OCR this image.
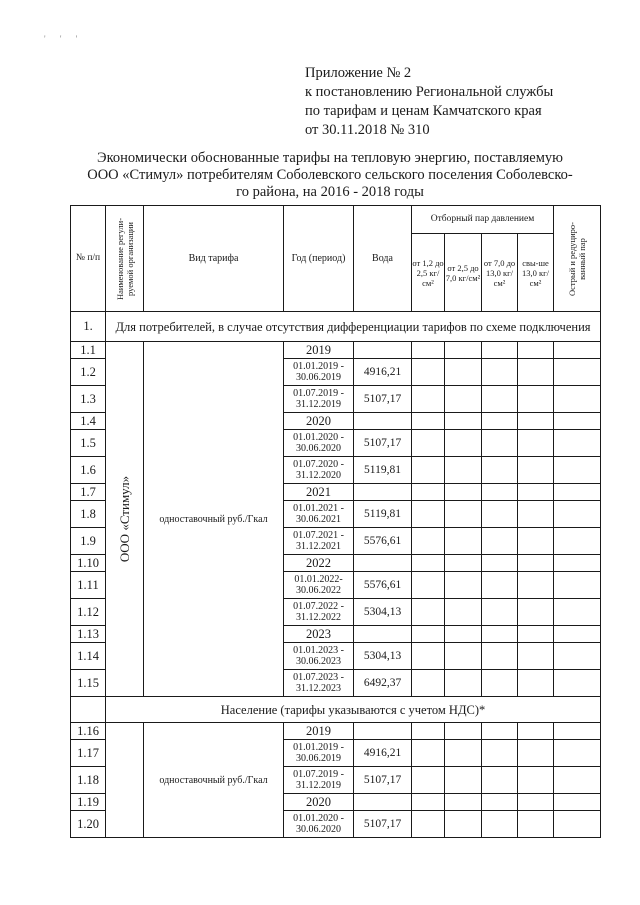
' ' '
Приложение № 2
к постановлению Региональной службы
по тарифам и ценам Камчатского края
от 30.11.2018 № 310
Экономически обоснованные тарифы на тепловую энергию, поставляемую
ООО «Стимул» потребителям Соболевского сельского поселения Соболевско-
го района, на 2016 - 2018 годы
№ п/п	Наименование регули-руемой организации	Вид тарифа	Год (период)	Вода	Отборный пар давлением				Острый и редуциро-ванный пар

					от 1,2 до 2,5 кг/см²	от 2,5 до 7,0 кг/см²	от 7,0 до 13,0 кг/см²	свы-ше 13,0 кг/см²	
1.	Для потребителей, в случае отсутствия дифференциации тарифов по схеме подключения								
1.1	ООО «Стимул»	одноставочный руб./Гкал	2019						
1.2			01.01.2019 - 30.06.2019	4916,21					
1.3			01.07.2019 - 31.12.2019	5107,17					
1.4			2020						
1.5			01.01.2020 - 30.06.2020	5107,17					
1.6			01.07.2020 - 31.12.2020	5119,81					
1.7			2021						
1.8			01.01.2021 - 30.06.2021	5119,81					
1.9			01.07.2021 - 31.12.2021	5576,61					
1.10			2022						
1.11			01.01.2022- 30.06.2022	5576,61					
1.12			01.07.2022 - 31.12.2022	5304,13					
1.13			2023						
1.14			01.01.2023 - 30.06.2023	5304,13					
1.15			01.07.2023 - 31.12.2023	6492,37					
	Население (тарифы указываются с учетом НДС)*								
1.16		одноставочный руб./Гкал	2019						
1.17			01.01.2019 - 30.06.2019	4916,21					
1.18			01.07.2019 - 31.12.2019	5107,17					
1.19			2020						
1.20			01.01.2020 - 30.06.2020	5107,17					
